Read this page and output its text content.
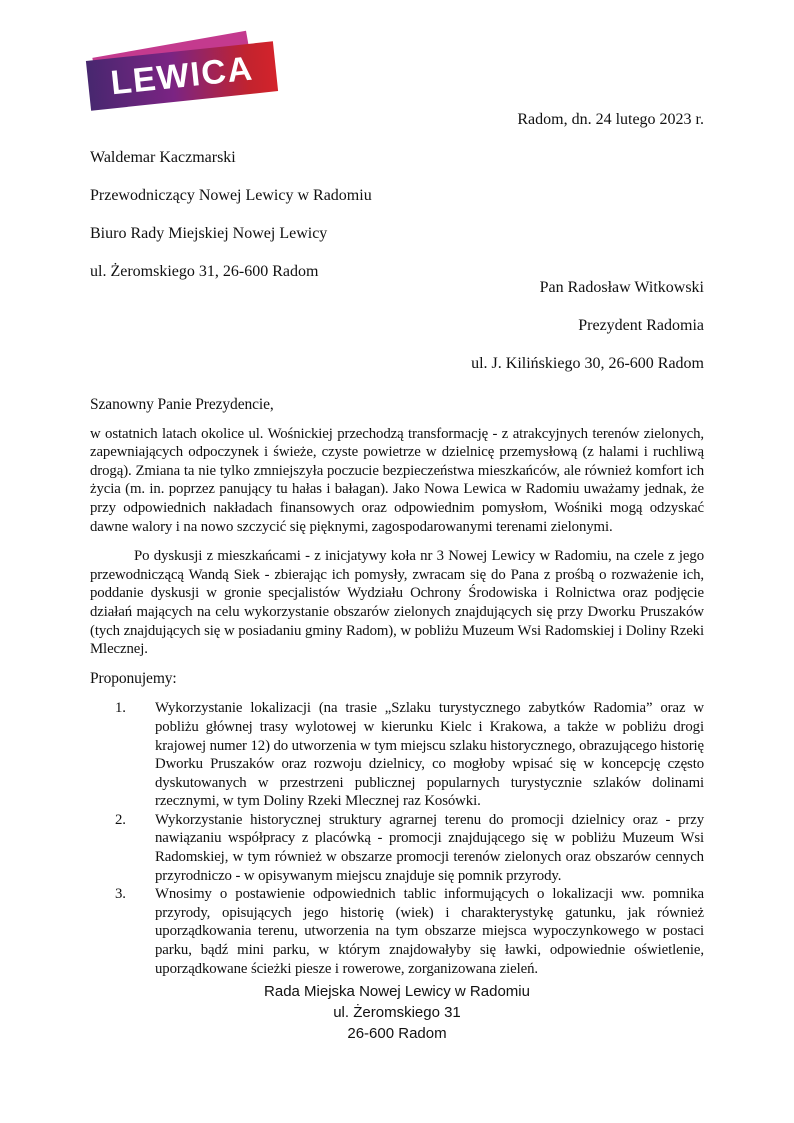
LEWICA
Radom, dn. 24 lutego 2023 r.
Waldemar Kaczmarski
Przewodniczący Nowej Lewicy w Radomiu
Biuro Rady Miejskiej Nowej Lewicy
ul. Żeromskiego 31, 26-600 Radom
Pan Radosław Witkowski
Prezydent Radomia
ul. J. Kilińskiego 30, 26-600 Radom
Szanowny Panie Prezydencie,

w ostatnich latach okolice ul. Wośnickiej przechodzą transformację - z atrakcyjnych terenów zielonych, zapewniających odpoczynek i świeże, czyste powietrze w dzielnicę przemysłową (z halami i ruchliwą drogą). Zmiana ta nie tylko zmniejszyła poczucie bezpieczeństwa mieszkańców, ale również komfort ich życia (m. in. poprzez panujący tu hałas i bałagan). Jako Nowa Lewica w Radomiu uważamy jednak, że przy odpowiednich nakładach finansowych oraz odpowiednim pomysłom, Wośniki mogą odzyskać dawne walory i na nowo szczycić się pięknymi, zagospodarowanymi terenami zielonymi.

Po dyskusji z mieszkańcami - z inicjatywy koła nr 3 Nowej Lewicy w Radomiu, na czele z jego przewodniczącą Wandą Siek - zbierając ich pomysły, zwracam się do Pana z prośbą o rozważenie ich, poddanie dyskusji w gronie specjalistów Wydziału Ochrony Środowiska i Rolnictwa oraz podjęcie działań mających na celu wykorzystanie obszarów zielonych znajdujących się przy Dworku Pruszaków (tych znajdujących się w posiadaniu gminy Radom), w pobliżu Muzeum Wsi Radomskiej i Doliny Rzeki Mlecznej.

Proponujemy:
1.	Wykorzystanie lokalizacji (na trasie „Szlaku turystycznego zabytków Radomia” oraz w pobliżu głównej trasy wylotowej w kierunku Kielc i Krakowa, a także w pobliżu drogi krajowej numer 12) do utworzenia w tym miejscu szlaku historycznego, obrazującego historię Dworku Pruszaków oraz rozwoju dzielnicy, co mogłoby wpisać się w koncepcję często dyskutowanych w przestrzeni publicznej popularnych turystycznie szlaków dolinami rzecznymi, w tym Doliny Rzeki Mlecznej raz Kosówki.
2.	Wykorzystanie historycznej struktury agrarnej terenu do promocji dzielnicy oraz - przy nawiązaniu współpracy z placówką - promocji znajdującego się w pobliżu Muzeum Wsi Radomskiej, w tym również w obszarze promocji terenów zielonych oraz obszarów cennych przyrodniczo - w opisywanym miejscu znajduje się pomnik przyrody.
3.	Wnosimy o postawienie odpowiednich tablic informujących o lokalizacji ww. pomnika przyrody, opisujących jego historię (wiek) i charakterystykę gatunku, jak również uporządkowania terenu, utworzenia na tym obszarze miejsca wypoczynkowego w postaci parku, bądź mini parku, w którym znajdowałyby się ławki, odpowiednie oświetlenie, uporządkowane ścieżki piesze i rowerowe, zorganizowana zieleń.
Rada Miejska Nowej Lewicy w Radomiu
ul. Żeromskiego 31
26-600 Radom
